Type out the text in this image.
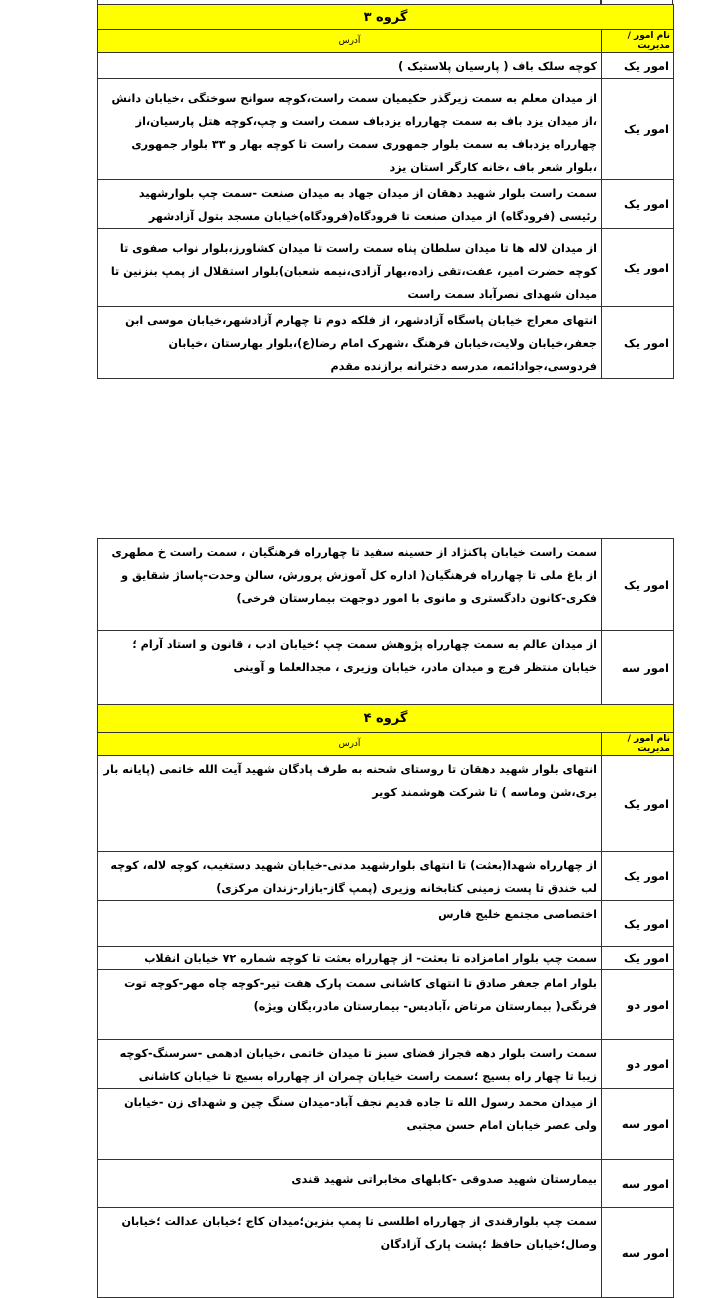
گروه ۳	
نام امور /مدیریت	آدرس
امور یک	کوچه سلک باف ( پارسیان پلاستیک )
امور یک	از میدان معلم به سمت زیرگذر حکیمیان سمت راست،کوچه سوانح سوختگی ،خیابان دانش ،از میدان یزد باف به سمت چهارراه یزدباف سمت راست و چپ،کوچه هتل پارسیان،از چهارراه یزدباف به سمت بلوار جمهوری سمت راست تا کوچه بهار و ۳۳ بلوار جمهوری ،بلوار شعر باف ،خانه کارگر استان یزد
امور یک	سمت راست بلوار شهید دهقان از میدان جهاد به میدان صنعت -سمت چپ بلوارشهید رئیسی (فرودگاه) از میدان صنعت تا فرودگاه(فرودگاه)خیابان مسجد بتول آزادشهر
امور یک	از میدان لاله ها تا میدان سلطان پناه سمت راست تا میدان کشاورز،بلوار نواب صفوی تا کوچه حضرت امیر، عفت،تقی زاده،بهار آزادی،نیمه شعبان)بلوار استقلال از پمپ بنزنین تا میدان شهدای نصرآباد سمت راست
امور یک	انتهای معراج خیابان پاسگاه آزادشهر، از فلکه دوم تا چهارم آزادشهر،خیابان موسی ابن جعفر،خیابان ولایت،خیابان فرهنگ ،شهرک امام رضا(ع)،بلوار بهارستان ،خیابان فردوسی،جوادائمه، مدرسه دخترانه برازنده مقدم
امور یک	سمت راست خیابان پاکنژاد از حسینه سفید تا چهارراه فرهنگیان ، سمت راست خ مطهری از باغ ملی تا چهارراه فرهنگیان( اداره کل آموزش پرورش، سالن وحدت-پاساژ شقایق و فکری-کانون دادگستری و مانوی با امور دوجهت بیمارستان فرخی)
امور سه	از میدان عالم به سمت چهارراه پژوهش سمت چپ ؛خیابان ادب ، قانون و استاد آرام ؛خیابان منتظر فرج و میدان مادر، خیابان وزیری ، مجدالعلما و آوینی
گروه ۴	
نام امور /مدیریت	آدرس
امور یک	انتهای بلوار شهید دهقان تا روستای شحنه به طرف پادگان شهید آیت الله خاتمی (پایانه بار بری،شن وماسه ) تا شرکت هوشمند کویر
امور یک	از چهارراه شهدا(بعثت) تا انتهای بلوارشهید مدنی-خیابان شهید دستغیب، کوچه لاله، کوچه لب خندق تا پست زمینی کتابخانه وزیری (پمپ گاز-بازار-زندان مرکزی)
امور یک	اختصاصی مجتمع خلیج فارس
امور یک	سمت چپ بلوار امامزاده تا بعثت- از چهارراه بعثت تا کوچه شماره ۷۲ خیابان انقلاب
امور دو	بلوار امام جعفر صادق تا انتهای کاشانی سمت پارک هفت تیر-کوچه چاه مهر-کوچه توت فرنگی( بیمارستان مرتاض ،آبادیس- بیمارستان مادر،یگان ویژه)
امور دو	سمت راست بلوار دهه فجراز فضای سبز تا میدان خاتمی ،خیابان ادهمی -سرسنگ-کوچه زیبا تا چهار راه بسیج ؛سمت راست خیابان چمران از چهارراه بسیج تا خیابان کاشانی
امور سه	از میدان محمد رسول الله تا جاده قدیم نجف آباد-میدان سنگ چین و شهدای زن -خیابان ولی عصر خیابان امام حسن مجتبی
امور سه	بیمارستان شهید صدوقی -کابلهای مخابراتی شهید قندی
امور سه	سمت چپ بلوارقندی از چهارراه اطلسی تا پمپ بنزین؛میدان کاج ؛خیابان عدالت ؛خیابان وصال؛خیابان حافظ ؛پشت پارک آزادگان
